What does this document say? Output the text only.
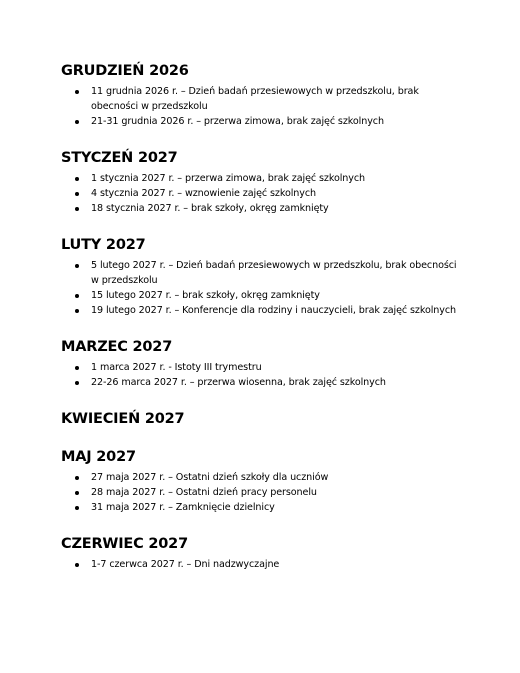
GRUDZIEŃ 2026
11 grudnia 2026 r. – Dzień badań przesiewowych w przedszkolu, brak obecności w przedszkolu
21-31 grudnia 2026 r. – przerwa zimowa, brak zajęć szkolnych
STYCZEŃ 2027
1 stycznia 2027 r. – przerwa zimowa, brak zajęć szkolnych
4 stycznia 2027 r. – wznowienie zajęć szkolnych
18 stycznia 2027 r. – brak szkoły, okręg zamknięty
LUTY 2027
5 lutego 2027 r. – Dzień badań przesiewowych w przedszkolu, brak obecności w przedszkolu
15 lutego 2027 r. – brak szkoły, okręg zamknięty
19 lutego 2027 r. – Konferencje dla rodziny i nauczycieli, brak zajęć szkolnych
MARZEC 2027
1 marca 2027 r. - Istoty III trymestru
22-26 marca 2027 r. – przerwa wiosenna, brak zajęć szkolnych
KWIECIEŃ 2027
MAJ 2027
27 maja 2027 r. – Ostatni dzień szkoły dla uczniów
28 maja 2027 r. – Ostatni dzień pracy personelu
31 maja 2027 r. – Zamknięcie dzielnicy
CZERWIEC 2027
1-7 czerwca 2027 r. – Dni nadzwyczajne
